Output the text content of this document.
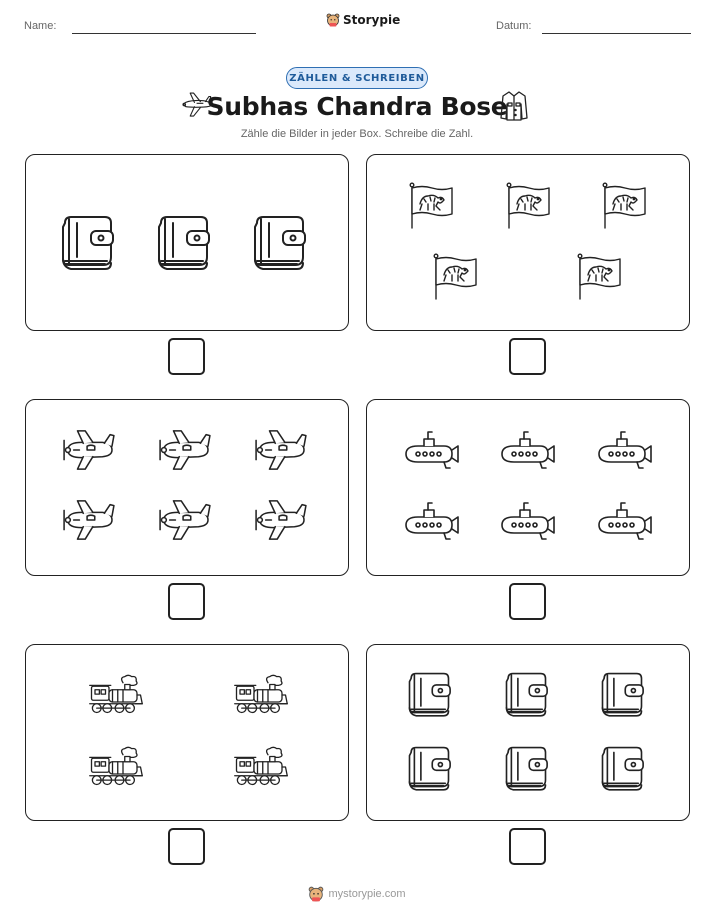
Name:	Storypie	Datum:
ZÄHLEN & SCHREIBEN
Subhas Chandra Bose
Zähle die Bilder in jeder Box. Schreibe die Zahl.
mystorypie.com
